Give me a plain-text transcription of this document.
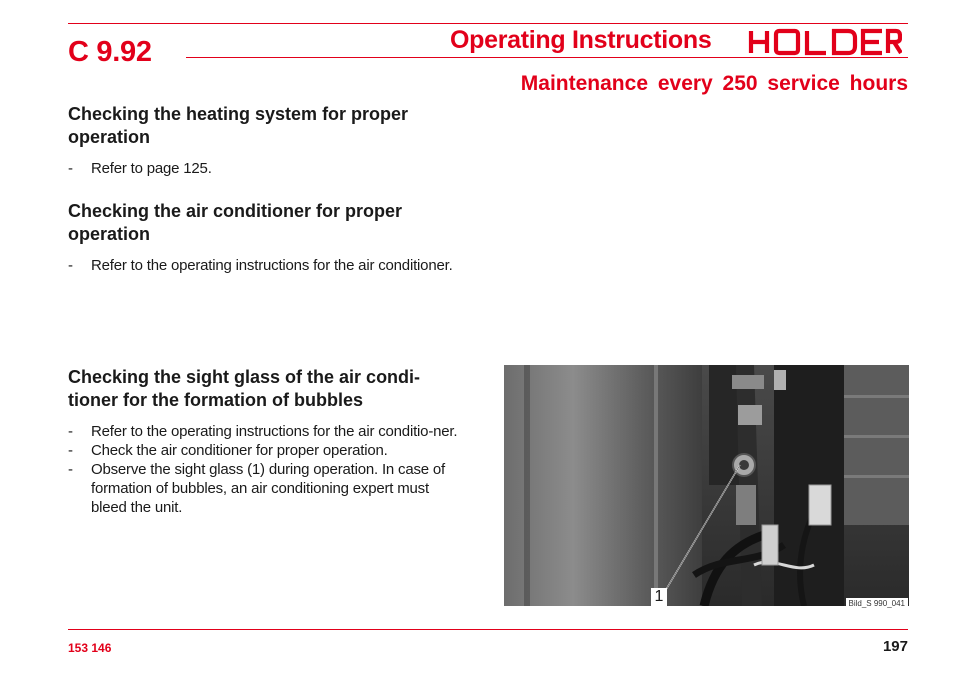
C 9.92	Operating Instructions
Maintenance every 250 service hours
Checking the heating system for proper operation
- Refer to page 125.
Checking the air conditioner for proper operation
- Refer to the operating instructions for the air conditioner.
Checking the sight glass of the air condi-tioner for the formation of bubbles
- Refer to the operating instructions for the air conditio-ner.
- Check the air conditioner for proper operation.
- Observe the sight glass (1) during operation. In case of formation of bubbles, an air conditioning expert must bleed the unit.
1	Bild_S 990_041
153 146	197
